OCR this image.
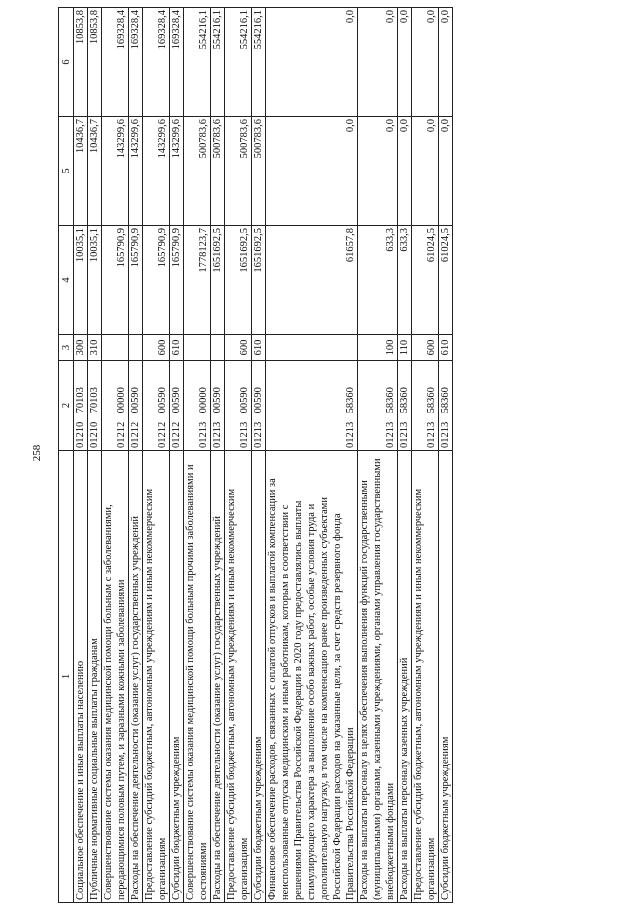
258
1	2	3	4	5	6
Социальное обеспечение и иные выплаты населению	01210 70103	300	10035,1	10436,7	10853,8
Публичные нормативные социальные выплаты гражданам	01210 70103	310	10035,1	10436,7	10853,8
Совершенствование системы оказания медицинской помощи больным с заболеваниями, передающимися половым путем, и заразными кожными заболеваниями	01212 00000		165790,9	143299,6	169328,4
Расходы на обеспечение деятельности (оказание услуг) государственных учреждений	01212 00590		165790,9	143299,6	169328,4
Предоставление субсидий бюджетным, автономным учреждениям и иным некоммерческим организациям	01212 00590	600	165790,9	143299,6	169328,4
Субсидии бюджетным учреждениям	01212 00590	610	165790,9	143299,6	169328,4
Совершенствование системы оказания медицинской помощи больным прочими заболеваниями и состояниями	01213 00000		1778123,7	500783,6	554216,1
Расходы на обеспечение деятельности (оказание услуг) государственных учреждений	01213 00590		1651692,5	500783,6	554216,1
Предоставление субсидий бюджетным, автономным учреждениям и иным некоммерческим организациям	01213 00590	600	1651692,5	500783,6	554216,1
Субсидии бюджетным учреждениям	01213 00590	610	1651692,5	500783,6	554216,1
Финансовое обеспечение расходов, связанных с оплатой отпусков и выплатой компенсации за неиспользованные отпуска медицинским и иным работникам, которым в соответствии с решениями Правительства Российской Федерации в 2020 году предоставлялись выплаты стимулирующего характера за выполнение особо важных работ, особые условия труда и дополнительную нагрузку, в том числе на компенсацию ранее произведенных субъектами Российской Федерации расходов на указанные цели, за счет средств резервного фонда Правительства Российской Федерации	01213 58360		61657,8	0,0	0,0
Расходы на выплаты персоналу в целях обеспечения выполнения функций государственными (муниципальными) органами, казенными учреждениями, органами управления государственными внебюджетными фондами	01213 58360	100	633,3	0,0	0,0
Расходы на выплаты персоналу казенных учреждений	01213 58360	110	633,3	0,0	0,0
Предоставление субсидий бюджетным, автономным учреждениям и иным некоммерческим организациям	01213 58360	600	61024,5	0,0	0,0
Субсидии бюджетным учреждениям	01213 58360	610	61024,5	0,0	0,0
